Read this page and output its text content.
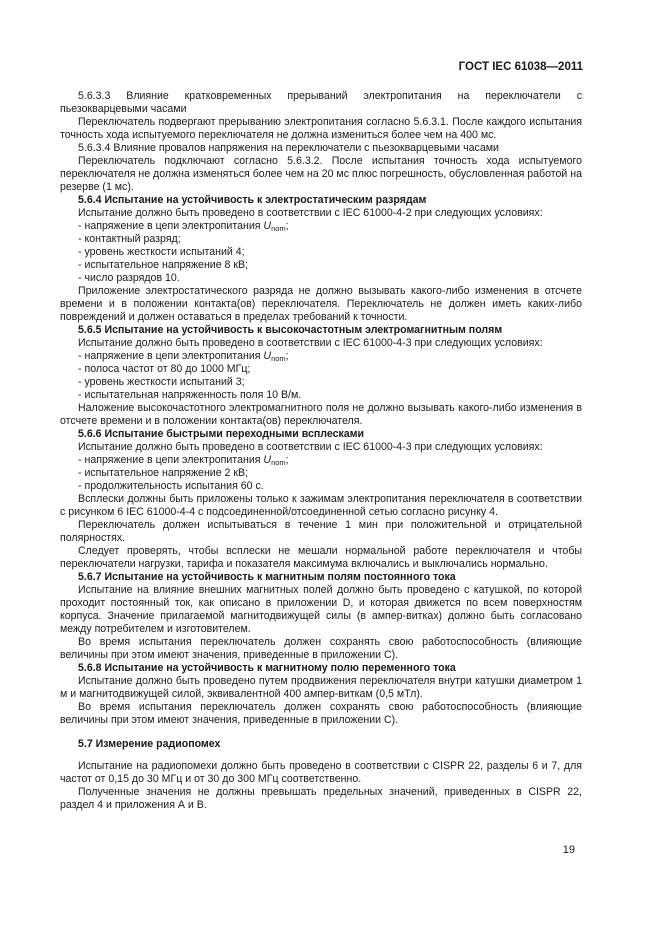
ГОСТ IEC 61038—2011

5.6.3.3 Влияние кратковременных прерываний электропитания на переключатели с пьезокварцевыми часами

Переключатель подвергают прерыванию электропитания согласно 5.6.3.1. После каждого испытания точность хода испытуемого переключателя не должна измениться более чем на 400 мс.

5.6.3.4 Влияние провалов напряжения на переключатели с пьезокварцевыми часами

Переключатель подключают согласно 5.6.3.2. После испытания точность хода испытуемого переключателя не должна изменяться более чем на 20 мс плюс погрешность, обусловленная работой на резерве (1 мс).

5.6.4 Испытание на устойчивость к электростатическим разрядам

Испытание должно быть проведено в соответствии с IEC 61000-4-2 при следующих условиях:

- напряжение в цепи электропитания $U_{nom}$;

- контактный разряд;

- уровень жесткости испытаний 4;

- испытательное напряжение 8 кВ;

- число разрядов 10.

Приложение электростатического разряда не должно вызывать какого-либо изменения в отсчете времени и в положении контакта(ов) переключателя. Переключатель не должен иметь каких-либо повреждений и должен оставаться в пределах требований к точности.

5.6.5 Испытание на устойчивость к высокочастотным электромагнитным полям

Испытание должно быть проведено в соответствии с IEC 61000-4-3 при следующих условиях:

- напряжение в цепи электропитания $U_{nom}$;

- полоса частот от 80 до 1000 МГц;

- уровень жесткости испытаний 3;

- испытательная напряженность поля 10 В/м.

Наложение высокочастотного электромагнитного поля не должно вызывать какого-либо изменения в отсчете времени и в положении контакта(ов) переключателя.

5.6.6 Испытание быстрыми переходными всплесками

Испытание должно быть проведено в соответствии с IEC 61000-4-3 при следующих условиях:

- напряжение в цепи электропитания $U_{nom}$;

- испытательное напряжение 2 кВ;

- продолжительность испытания 60 с.

Всплески должны быть приложены только к зажимам электропитания переключателя в соответствии с рисунком 6 IEC 61000-4-4 с подсоединенной/отсоединенной сетью согласно рисунку 4.

Переключатель должен испытываться в течение 1 мин при положительной и отрицательной полярностях.

Следует проверять, чтобы всплески не мешали нормальной работе переключателя и чтобы переключатели нагрузки, тарифа и показателя максимума включались и выключались нормально.

5.6.7 Испытание на устойчивость к магнитным полям постоянного тока

Испытание на влияние внешних магнитных полей должно быть проведено с катушкой, по которой проходит постоянный ток, как описано в приложении D, и которая движется по всем поверхностям корпуса. Значение прилагаемой магнитодвижущей силы (в ампер-витках) должно быть согласовано между потребителем и изготовителем.

Во время испытания переключатель должен сохранять свою работоспособность (влияющие величины при этом имеют значения, приведенные в приложении С).

5.6.8 Испытание на устойчивость к магнитному полю переменного тока

Испытание должно быть проведено путем продвижения переключателя внутри катушки диаметром 1 м и магнитодвижущей силой, эквивалентной 400 ампер-виткам (0,5 мТл).

Во время испытания переключатель должен сохранять свою работоспособность (влияющие величины при этом имеют значения, приведенные в приложении С).

5.7 Измерение радиопомех

Испытание на радиопомехи должно быть проведено в соответствии с CISPR 22, разделы 6 и 7, для частот от 0,15 до 30 МГц и от 30 до 300 МГц соответственно.

Полученные значения не должны превышать предельных значений, приведенных в CISPR 22, раздел 4 и приложения А и В.

19
